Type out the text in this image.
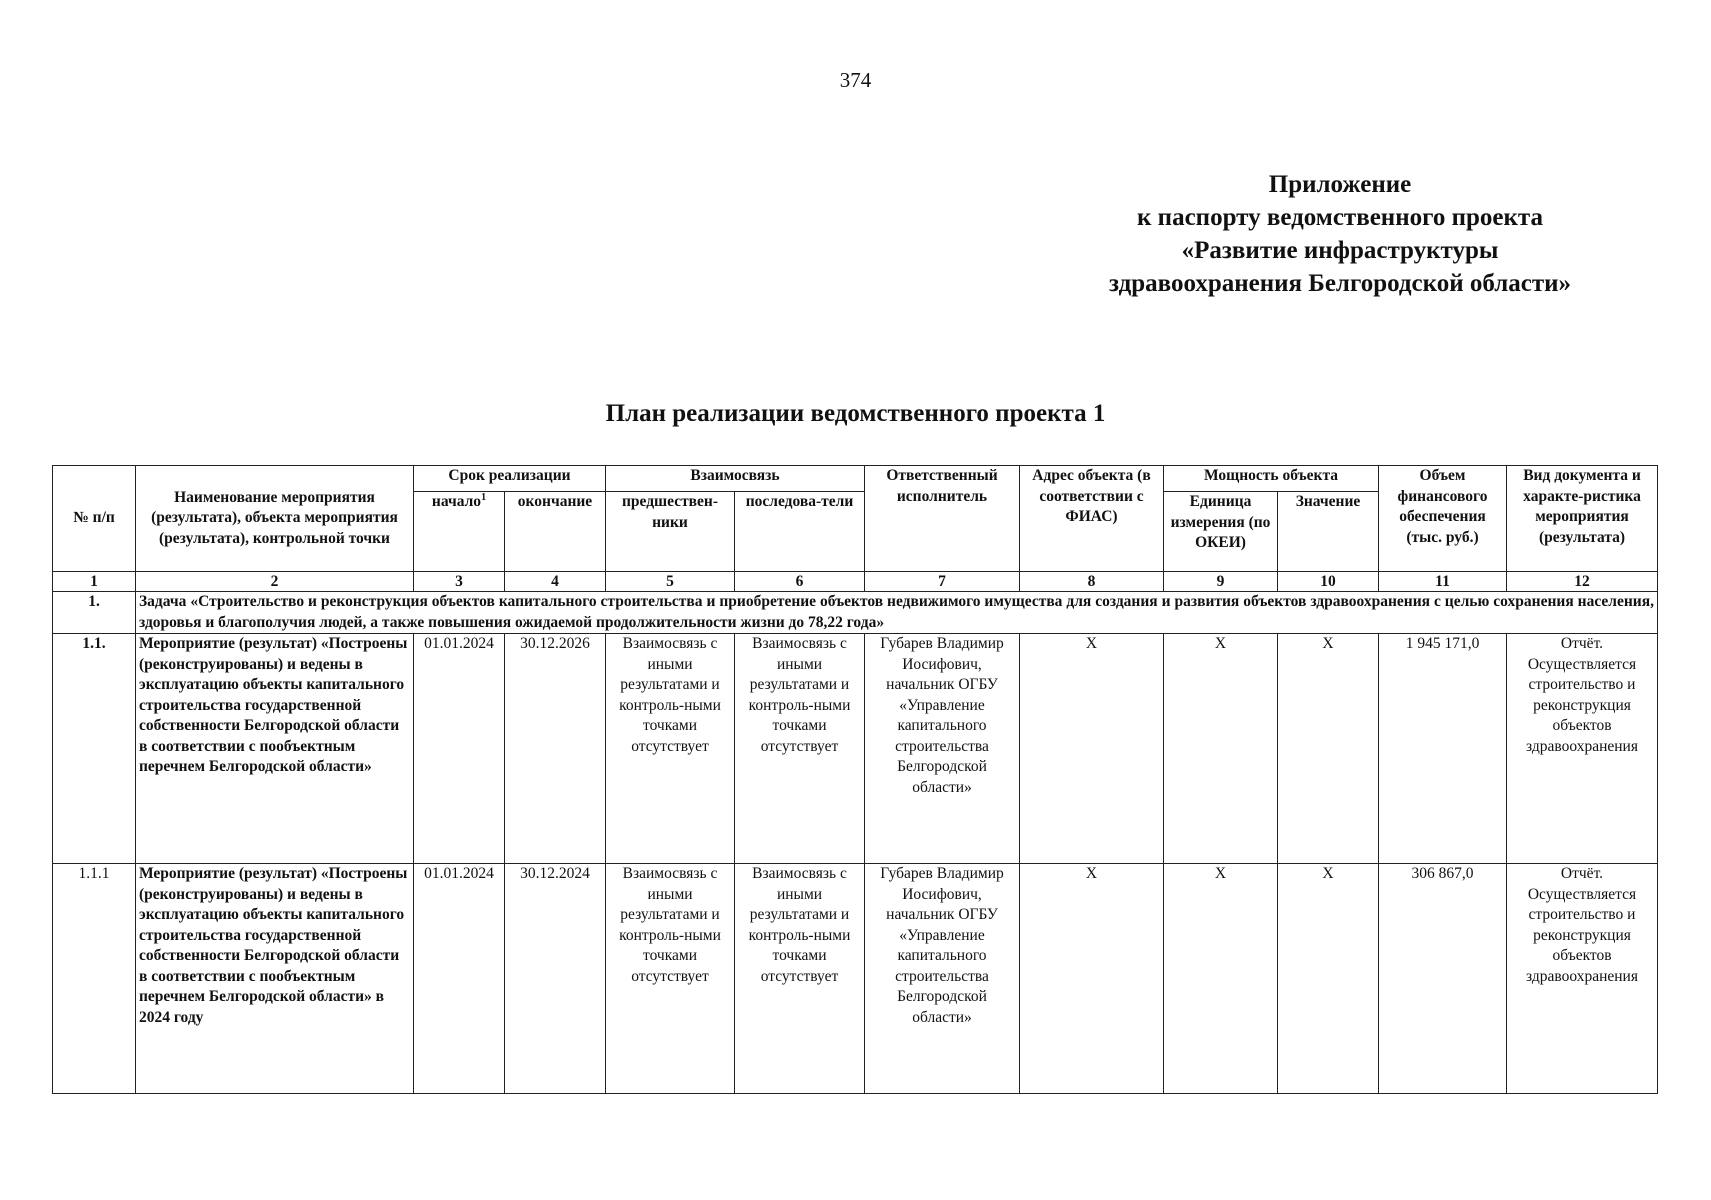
374
Приложение
к паспорту ведомственного проекта
«Развитие инфраструктуры
здравоохранения Белгородской области»
План реализации ведомственного проекта 1
№ п/п	Наименование мероприятия (результата), объекта мероприятия (результата), контрольной точки	Срок реализации		Взаимосвязь		Ответственный исполнитель	Адрес объекта (в соответствии с ФИАС)	Мощность объекта		Объем финансового обеспечения (тыс. руб.)	Вид документа и характе-ристика мероприятия (результата)
		начало$^1$	окончание	предшествен-ники	последова-тели			Единица измерения (по ОКЕИ)	Значение		
1	2	3	4	5	6	7	8	9	10	11	12
1.	Задача «Строительство и реконструкция объектов капитального строительства и приобретение объектов недвижимого имущества для создания и развития объектов здравоохранения с целью сохранения населения, здоровья и благополучия людей, а также повышения ожидаемой продолжительности жизни до 78,22 года»										
1.1.	Мероприятие (результат) «Построены (реконструированы) и ведены в эксплуатацию объекты капитального строительства государственной собственности Белгородской области в соответствии с пообъектным перечнем Белгородской области»	01.01.2024	30.12.2026	Взаимосвязь с иными результатами и контроль-ными точками отсутствует	Взаимосвязь с иными результатами и контроль-ными точками отсутствует	Губарев Владимир Иосифович, начальник ОГБУ «Управление капитального строительства Белгородской области»	Х	Х	Х	1 945 171,0	Отчёт. Осуществляется строительство и реконструкция объектов здравоохранения
1.1.1	Мероприятие (результат) «Построены (реконструированы) и ведены в эксплуатацию объекты капитального строительства государственной собственности Белгородской области в соответствии с пообъектным перечнем Белгородской области» в 2024 году	01.01.2024	30.12.2024	Взаимосвязь с иными результатами и контроль-ными точками отсутствует	Взаимосвязь с иными результатами и контроль-ными точками отсутствует	Губарев Владимир Иосифович, начальник ОГБУ «Управление капитального строительства Белгородской области»	Х	Х	Х	306 867,0	Отчёт. Осуществляется строительство и реконструкция объектов здравоохранения
